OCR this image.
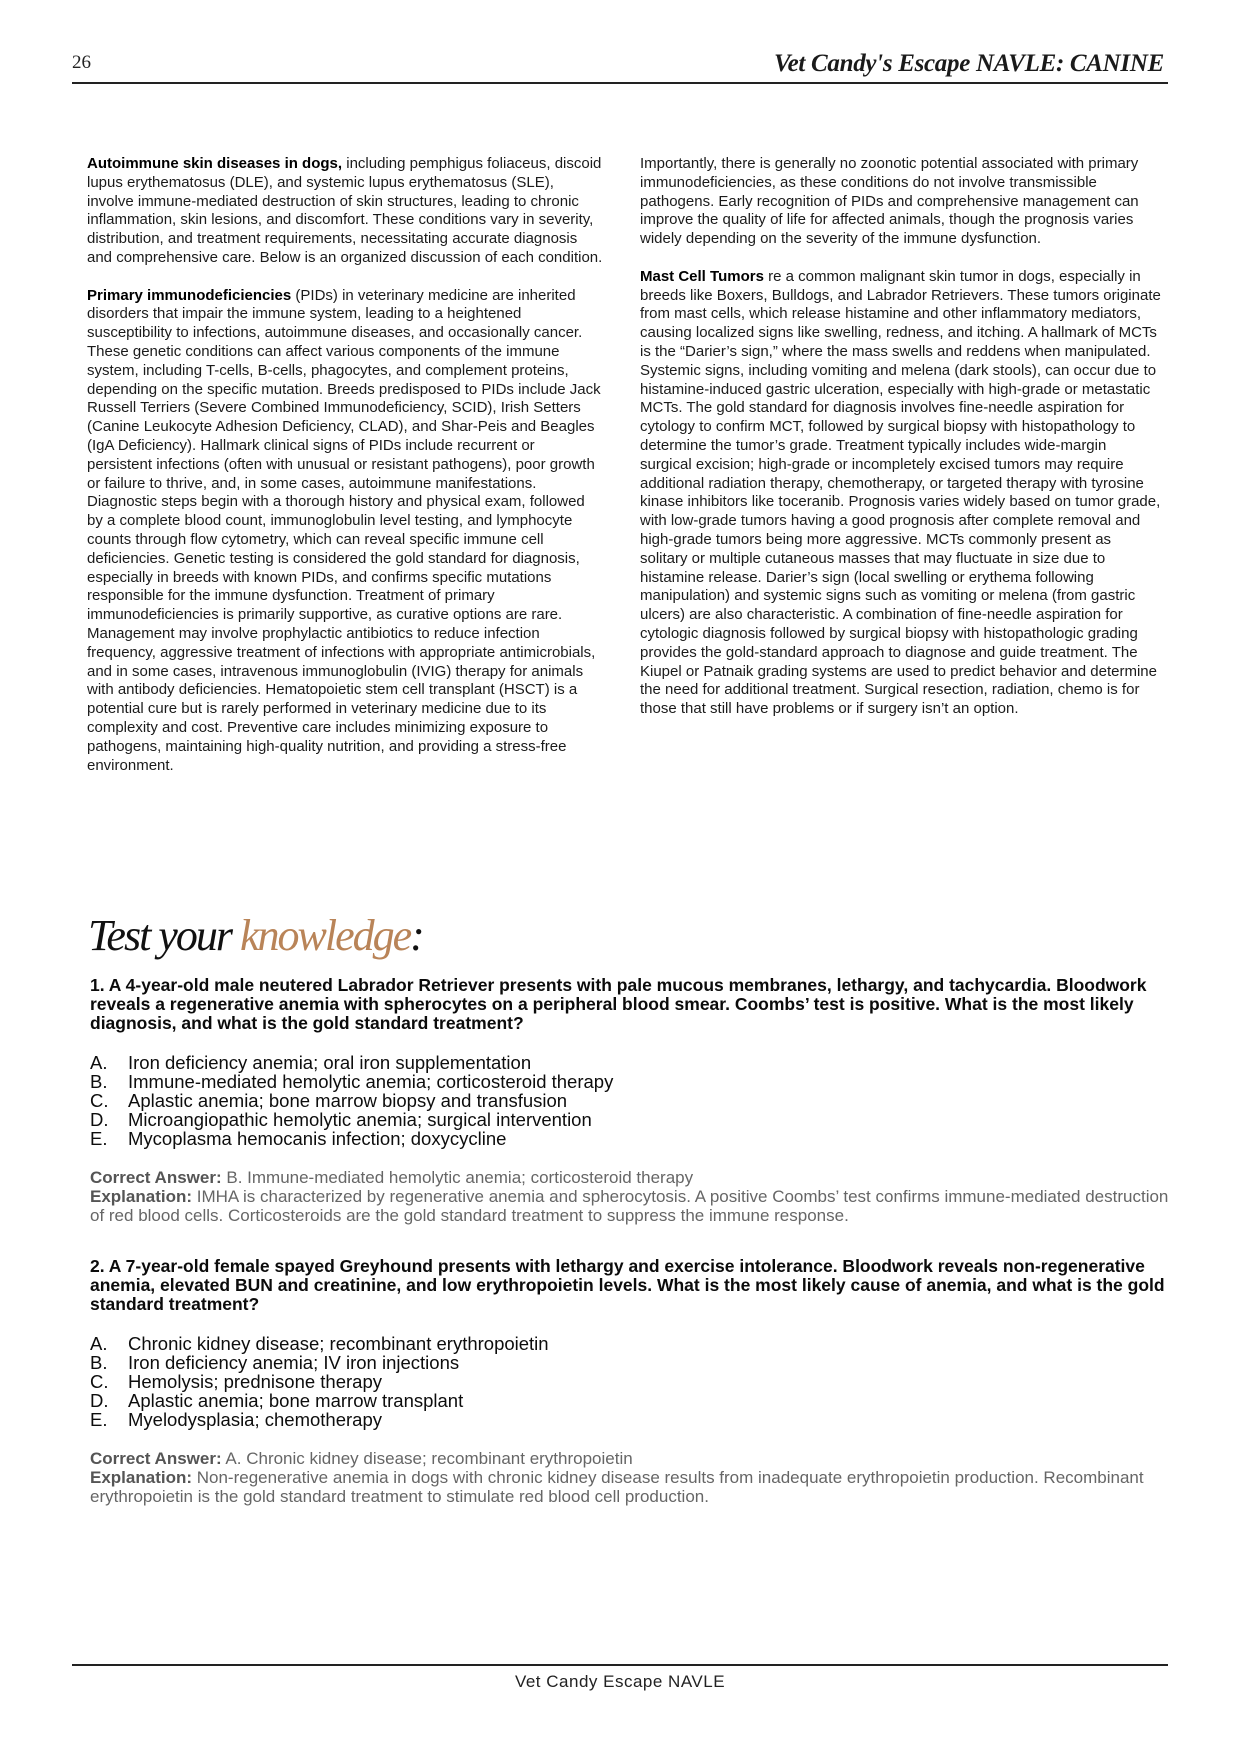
26	Vet Candy's Escape NAVLE: CANINE

Autoimmune skin diseases in dogs, including pemphigus foliaceus, discoid lupus erythematosus (DLE), and systemic lupus erythematosus (SLE), involve immune-mediated destruction of skin structures, leading to chronic inflammation, skin lesions, and discomfort. These conditions vary in severity, distribution, and treatment requirements, necessitating accurate diagnosis and comprehensive care. Below is an organized discussion of each condition.

Primary immunodeficiencies (PIDs) in veterinary medicine are inherited disorders that impair the immune system, leading to a heightened susceptibility to infections, autoimmune diseases, and occasionally cancer. These genetic conditions can affect various components of the immune system, including T-cells, B-cells, phagocytes, and complement proteins, depending on the specific mutation. Breeds predisposed to PIDs include Jack Russell Terriers (Severe Combined Immunodeficiency, SCID), Irish Setters (Canine Leukocyte Adhesion Deficiency, CLAD), and Shar-Peis and Beagles (IgA Deficiency). Hallmark clinical signs of PIDs include recurrent or persistent infections (often with unusual or resistant pathogens), poor growth or failure to thrive, and, in some cases, autoimmune manifestations. Diagnostic steps begin with a thorough history and physical exam, followed by a complete blood count, immunoglobulin level testing, and lymphocyte counts through flow cytometry, which can reveal specific immune cell deficiencies. Genetic testing is considered the gold standard for diagnosis, especially in breeds with known PIDs, and confirms specific mutations responsible for the immune dysfunction. Treatment of primary immunodeficiencies is primarily supportive, as curative options are rare. Management may involve prophylactic antibiotics to reduce infection frequency, aggressive treatment of infections with appropriate antimicrobials, and in some cases, intravenous immunoglobulin (IVIG) therapy for animals with antibody deficiencies. Hematopoietic stem cell transplant (HSCT) is a potential cure but is rarely performed in veterinary medicine due to its complexity and cost. Preventive care includes minimizing exposure to pathogens, maintaining high-quality nutrition, and providing a stress-free environment.

Importantly, there is generally no zoonotic potential associated with primary immunodeficiencies, as these conditions do not involve transmissible pathogens. Early recognition of PIDs and comprehensive management can improve the quality of life for affected animals, though the prognosis varies widely depending on the severity of the immune dysfunction.

Mast Cell Tumors re a common malignant skin tumor in dogs, especially in breeds like Boxers, Bulldogs, and Labrador Retrievers. These tumors originate from mast cells, which release histamine and other inflammatory mediators, causing localized signs like swelling, redness, and itching. A hallmark of MCTs is the “Darier’s sign,” where the mass swells and reddens when manipulated. Systemic signs, including vomiting and melena (dark stools), can occur due to histamine-induced gastric ulceration, especially with high-grade or metastatic MCTs. The gold standard for diagnosis involves fine-needle aspiration for cytology to confirm MCT, followed by surgical biopsy with histopathology to determine the tumor’s grade. Treatment typically includes wide-margin surgical excision; high-grade or incompletely excised tumors may require additional radiation therapy, chemotherapy, or targeted therapy with tyrosine kinase inhibitors like toceranib. Prognosis varies widely based on tumor grade, with low-grade tumors having a good prognosis after complete removal and high-grade tumors being more aggressive. MCTs commonly present as solitary or multiple cutaneous masses that may fluctuate in size due to histamine release. Darier’s sign (local swelling or erythema following manipulation) and systemic signs such as vomiting or melena (from gastric ulcers) are also characteristic. A combination of fine-needle aspiration for cytologic diagnosis followed by surgical biopsy with histopathologic grading provides the gold-standard approach to diagnose and guide treatment. The Kiupel or Patnaik grading systems are used to predict behavior and determine the need for additional treatment. Surgical resection, radiation, chemo is for those that still have problems or if surgery isn’t an option.

Test your knowledge:

1. A 4-year-old male neutered Labrador Retriever presents with pale mucous membranes, lethargy, and tachycardia. Bloodwork reveals a regenerative anemia with spherocytes on a peripheral blood smear. Coombs’ test is positive. What is the most likely diagnosis, and what is the gold standard treatment?

A.	Iron deficiency anemia; oral iron supplementation
B.	Immune-mediated hemolytic anemia; corticosteroid therapy
C.	Aplastic anemia; bone marrow biopsy and transfusion
D.	Microangiopathic hemolytic anemia; surgical intervention
E.	Mycoplasma hemocanis infection; doxycycline
Correct Answer: B. Immune-mediated hemolytic anemia; corticosteroid therapy
Explanation: IMHA is characterized by regenerative anemia and spherocytosis. A positive Coombs’ test confirms immune-mediated destruction of red blood cells. Corticosteroids are the gold standard treatment to suppress the immune response.

2. A 7-year-old female spayed Greyhound presents with lethargy and exercise intolerance. Bloodwork reveals non-regenerative anemia, elevated BUN and creatinine, and low erythropoietin levels. What is the most likely cause of anemia, and what is the gold standard treatment?

A.	Chronic kidney disease; recombinant erythropoietin
B.	Iron deficiency anemia; IV iron injections
C.	Hemolysis; prednisone therapy
D.	Aplastic anemia; bone marrow transplant
E.	Myelodysplasia; chemotherapy
Correct Answer: A. Chronic kidney disease; recombinant erythropoietin
Explanation: Non-regenerative anemia in dogs with chronic kidney disease results from inadequate erythropoietin production. Recombinant erythropoietin is the gold standard treatment to stimulate red blood cell production.
Vet Candy Escape NAVLE
